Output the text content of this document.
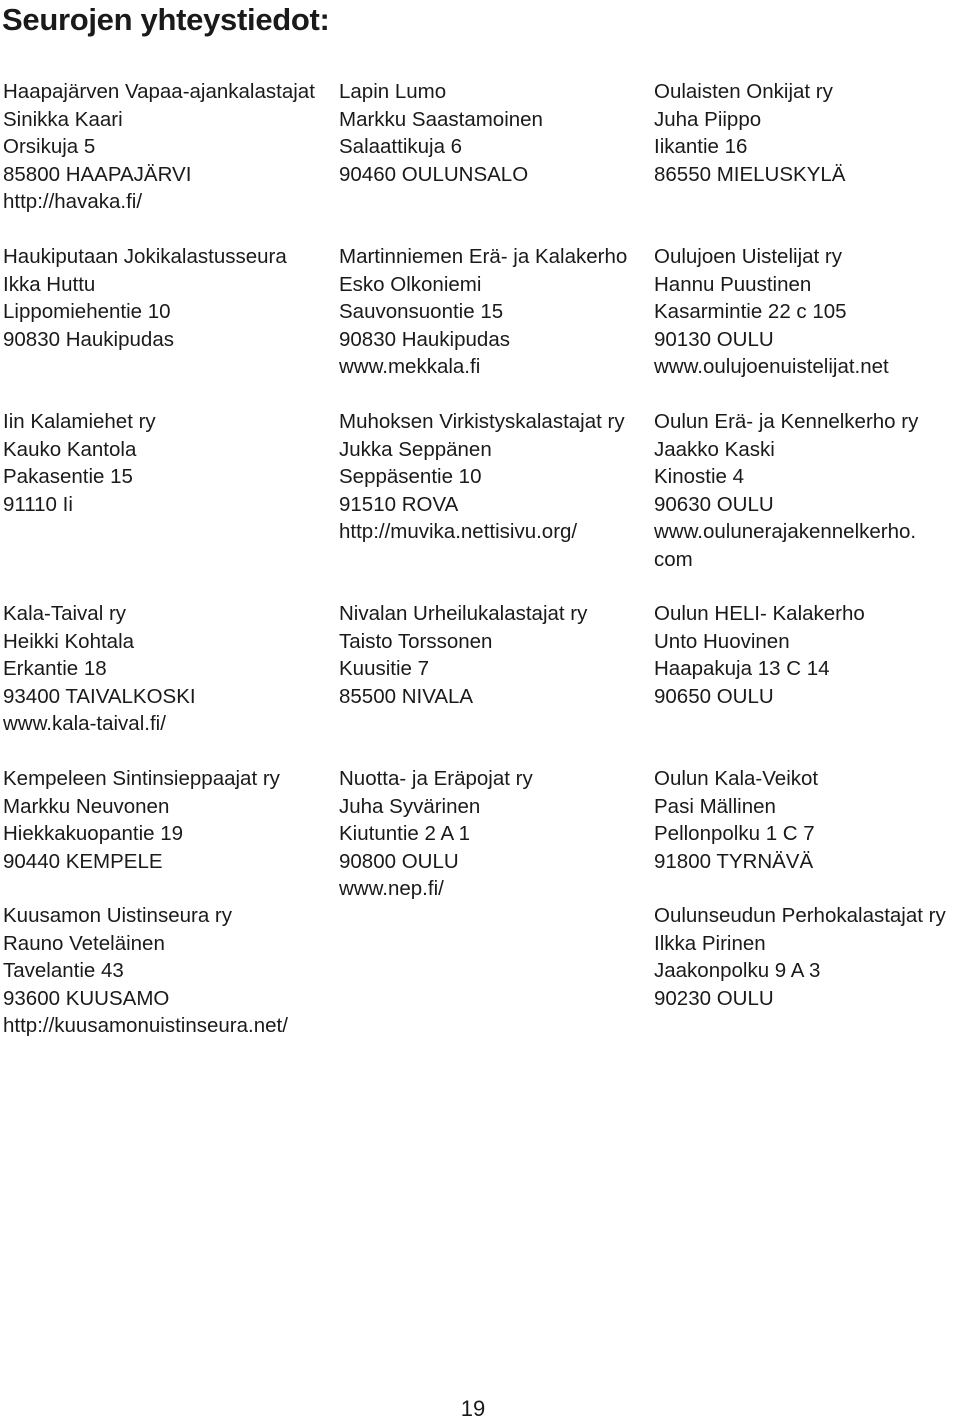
Seurojen yhteystiedot:
Haapajärven Vapaa-ajankalastajat
Sinikka Kaari
Orsikuja 5
85800 HAAPAJÄRVI
http://havaka.fi/
Haukiputaan Jokikalastusseura
Ikka Huttu
Lippomiehentie 10
90830 Haukipudas
Iin Kalamiehet ry
Kauko Kantola
Pakasentie 15
91110 Ii
Kala-Taival ry
Heikki Kohtala
Erkantie 18
93400 TAIVALKOSKI
www.kala-taival.fi/
Kempeleen Sintinsieppaajat ry
Markku Neuvonen
Hiekkakuopantie 19
90440 KEMPELE
Kuusamon Uistinseura ry
Rauno Veteläinen
Tavelantie 43
93600 KUUSAMO
http://kuusamonuistinseura.net/
Lapin Lumo
Markku Saastamoinen
Salaattikuja 6
90460 OULUNSALO
Martinniemen Erä- ja Kalakerho
Esko Olkoniemi
Sauvonsuontie 15
90830 Haukipudas
www.mekkala.fi
Muhoksen Virkistyskalastajat ry
Jukka Seppänen
Seppäsentie 10
91510 ROVA
http://muvika.nettisivu.org/
Nivalan Urheilukalastajat ry
Taisto Torssonen
Kuusitie 7
85500 NIVALA
Nuotta- ja Eräpojat ry
Juha Syvärinen
Kiutuntie 2 A 1
90800 OULU
www.nep.fi/
Oulaisten Onkijat ry
Juha Piippo
Iikantie 16
86550 MIELUSKYLÄ
Oulujoen Uistelijat ry
Hannu Puustinen
Kasarmintie 22 c 105
90130 OULU
www.oulujoenuistelijat.net
Oulun Erä- ja Kennelkerho ry
Jaakko Kaski
Kinostie 4
90630 OULU
www.oulunerajakennelkerho.
com
Oulun HELI- Kalakerho
Unto Huovinen
Haapakuja 13 C 14
90650 OULU
Oulun Kala-Veikot
Pasi Mällinen
Pellonpolku 1 C 7
91800 TYRNÄVÄ
Oulunseudun Perhokalastajat ry
Ilkka Pirinen
Jaakonpolku 9 A 3
90230 OULU
19
